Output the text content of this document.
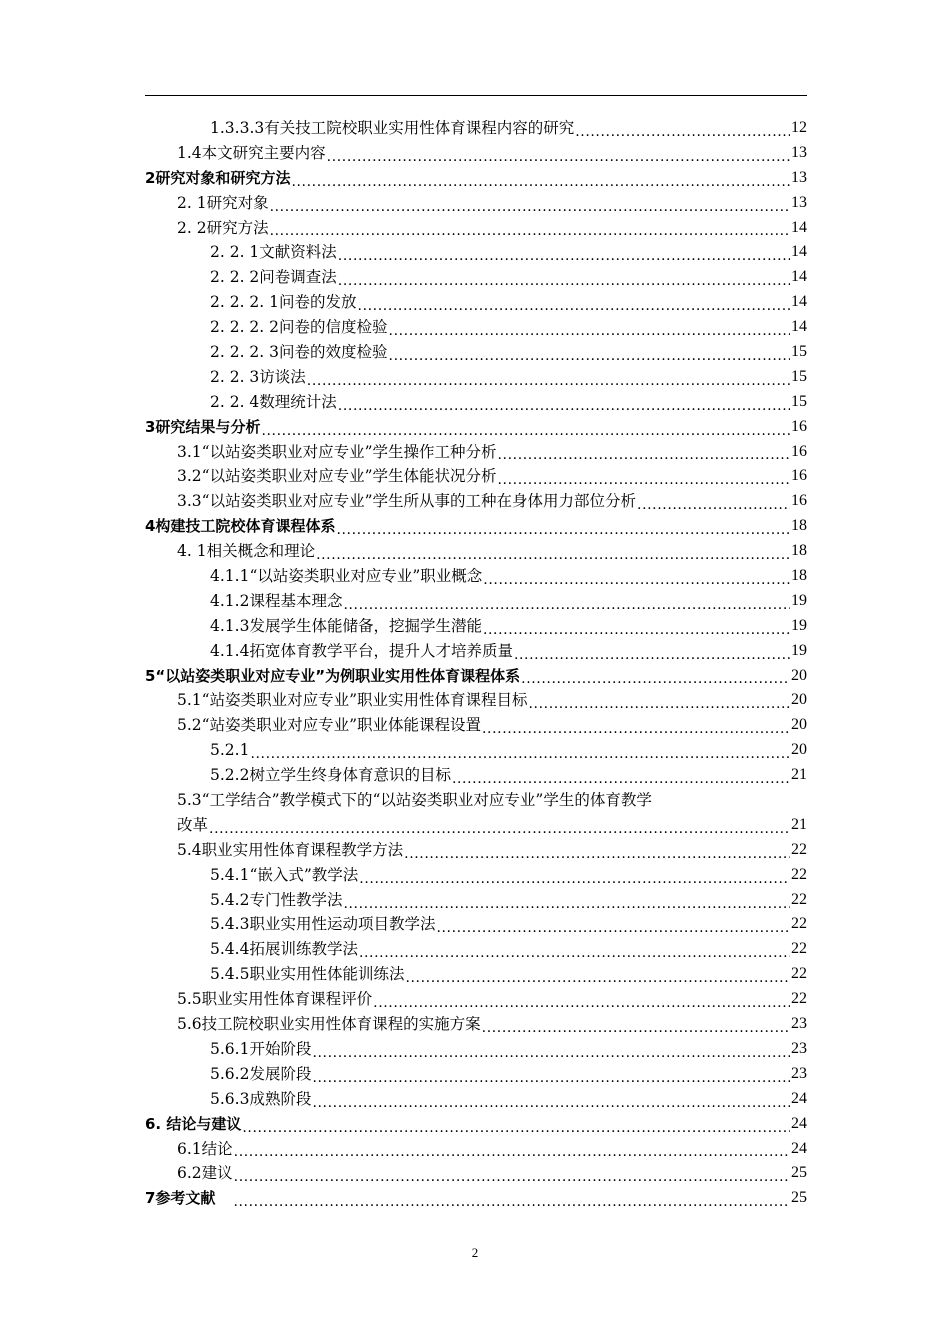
1.3.3.3有关技工院校职业实用性体育课程内容的研究 .....	12
1.4本文研究主要内容 .....	13
2研究对象和研究方法 .....	13
2. 1研究对象 .....	13
2. 2研究方法 .....	14
2. 2. 1文献资料法 .....	14
2. 2. 2问卷调查法 .....	14
2. 2. 2. 1问卷的发放 .....	14
2. 2. 2. 2问卷的信度检验 .....	14
2. 2. 2. 3问卷的效度检验 .....	15
2. 2. 3访谈法 .....	15
2. 2. 4数理统计法 .....	15
3研究结果与分析 .....	16
3.1“以站姿类职业对应专业”学生操作工种分析 .....	16
3.2“以站姿类职业对应专业”学生体能状况分析 .....	16
3.3“以站姿类职业对应专业”学生所从事的工种在身体用力部位分析 .....	16
4构建技工院校体育课程体系 .....	18
4. 1相关概念和理论 .....	18
4.1.1“以站姿类职业对应专业”职业概念 .....	18
4.1.2课程基本理念 .....	19
4.1.3发展学生体能储备，挖掘学生潜能 .....	19
4.1.4拓宽体育教学平台，提升人才培养质量 .....	19
5“以站姿类职业对应专业”为例职业实用性体育课程体系 .....	20
5.1“站姿类职业对应专业”职业实用性体育课程目标 .....	20
5.2“站姿类职业对应专业”职业体能课程设置 .....	20
5.2.1 .....	20
5.2.2树立学生终身体育意识的目标 .....	21
5.3“工学结合”教学模式下的“以站姿类职业对应专业”学生的体育教学
改革 .....	21
5.4职业实用性体育课程教学方法 .....	22
5.4.1“嵌入式”教学法 .....	22
5.4.2专门性教学法 .....	22
5.4.3职业实用性运动项目教学法 .....	22
5.4.4拓展训练教学法 .....	22
5.4.5职业实用性体能训练法 .....	22
5.5职业实用性体育课程评价 .....	22
5.6技工院校职业实用性体育课程的实施方案 .....	23
5.6.1开始阶段 .....	23
5.6.2发展阶段 .....	23
5.6.3成熟阶段 .....	24
6. 结论与建议 .....	24
6.1结论 .....	24
6.2建议 .....	25
7参考文献 .....	25
2
